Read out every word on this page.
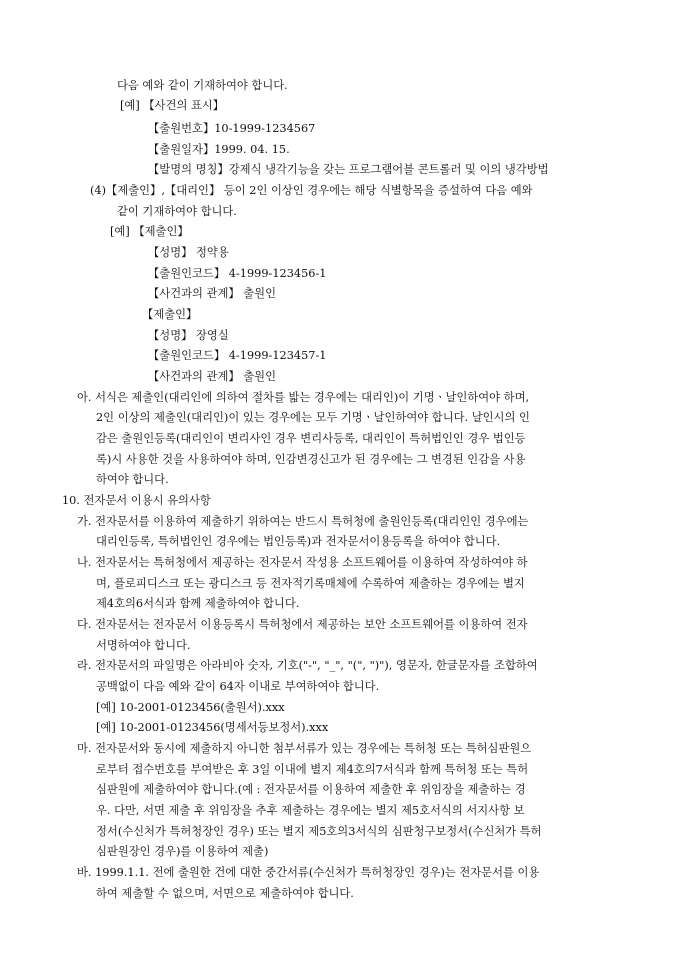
다음 예와 같이 기재하여야 합니다.
[예] 【사건의 표시】
【출원번호】10-1999-1234567
【출원일자】1999. 04. 15.
【발명의 명칭】강제식 냉각기능을 갖는 프로그램어블 콘트롤러 및 이의 냉각방법
(4)【제출인】,【대리인】 등이 2인 이상인 경우에는 해당 식별항목을 증설하여 다음 예와
같이 기재하여야 합니다.
[예] 【제출인】
【성명】 정약용
【출원인코드】 4-1999-123456-1
【사건과의 관계】 출원인
【제출인】
【성명】 장영실
【출원인코드】 4-1999-123457-1
【사건과의 관계】 출원인
아. 서식은 제출인(대리인에 의하여 절차를 밟는 경우에는 대리인)이 기명ㆍ날인하여야 하며,
2인 이상의 제출인(대리인)이 있는 경우에는 모두 기명ㆍ날인하여야 합니다. 날인시의 인
감은 출원인등록(대리인이 변리사인 경우 변리사등록, 대리인이 특허법인인 경우 법인등
록)시 사용한 것을 사용하여야 하며, 인감변경신고가 된 경우에는 그 변경된 인감을 사용
하여야 합니다.
10. 전자문서 이용시 유의사항
가. 전자문서를 이용하여 제출하기 위하여는 반드시 특허청에 출원인등록(대리인인 경우에는
대리인등록, 특허법인인 경우에는 법인등록)과 전자문서이용등록을 하여야 합니다.
나. 전자문서는 특허청에서 제공하는 전자문서 작성용 소프트웨어를 이용하여 작성하여야 하
며, 플로피디스크 또는 광디스크 등 전자적기록매체에 수록하여 제출하는 경우에는 별지
제4호의6서식과 함께 제출하여야 합니다.
다. 전자문서는 전자문서 이용등록시 특허청에서 제공하는 보안 소프트웨어를 이용하여 전자
서명하여야 합니다.
라. 전자문서의 파일명은 아라비아 숫자, 기호("-", "_", "(", ")"), 영문자, 한글문자를 조합하여
공백없이 다음 예와 같이 64자 이내로 부여하여야 합니다.
[예] 10-2001-0123456(출원서).xxx
[예] 10-2001-0123456(명세서등보정서).xxx
마. 전자문서와 동시에 제출하지 아니한 첨부서류가 있는 경우에는 특허청 또는 특허심판원으
로부터 접수번호를 부여받은 후 3일 이내에 별지 제4호의7서식과 함께 특허청 또는 특허
심판원에 제출하여야 합니다.(예 : 전자문서를 이용하여 제출한 후 위임장을 제출하는 경
우. 다만, 서면 제출 후 위임장을 추후 제출하는 경우에는 별지 제5호서식의 서지사항 보
정서(수신처가 특허청장인 경우) 또는 별지 제5호의3서식의 심판청구보정서(수신처가 특허
심판원장인 경우)를 이용하여 제출)
바. 1999.1.1. 전에 출원한 건에 대한 중간서류(수신처가 특허청장인 경우)는 전자문서를 이용
하여 제출할 수 없으며, 서면으로 제출하여야 합니다.
